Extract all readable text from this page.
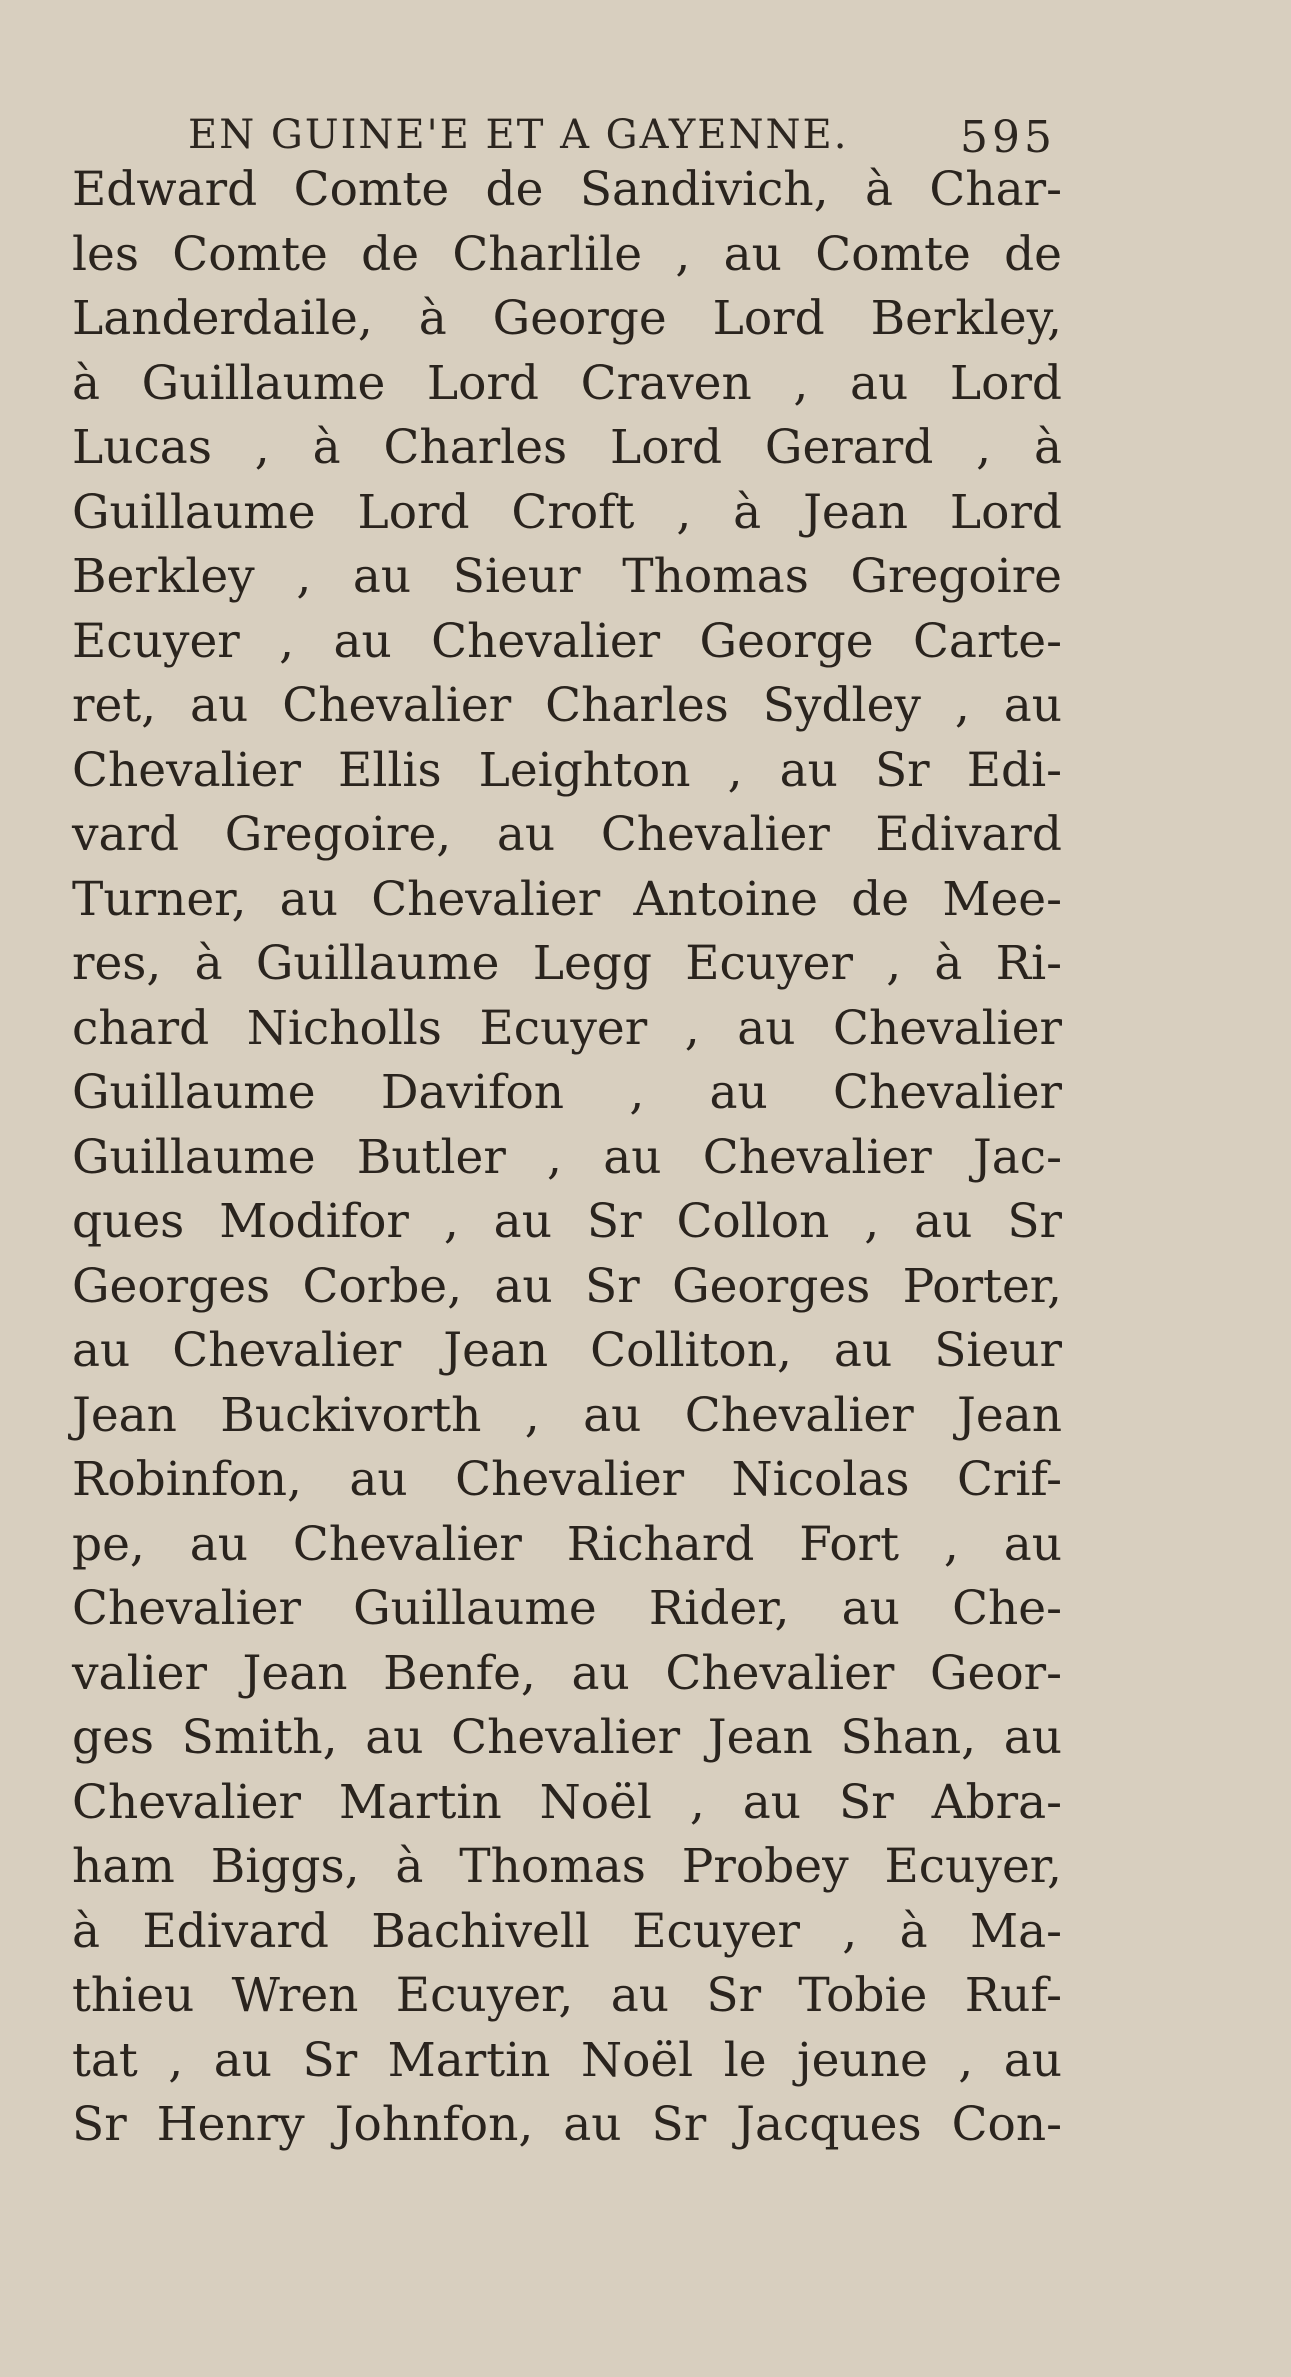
EN GUINE'E ET A GAYENNE.	595
Edward Comte de Sandivich, à Char-
les Comte de Charlile , au Comte de
Landerdaile, à George Lord Berkley,
à Guillaume Lord Craven , au Lord
Lucas , à Charles Lord Gerard , à
Guillaume Lord Croft , à Jean Lord
Berkley , au Sieur Thomas Gregoire
Ecuyer , au Chevalier George Carte-
ret, au Chevalier Charles Sydley , au
Chevalier Ellis Leighton , au Sr Edi-
vard Gregoire, au Chevalier Edivard
Turner, au Chevalier Antoine de Mee-
res, à Guillaume Legg Ecuyer , à Ri-
chard Nicholls Ecuyer , au Chevalier
Guillaume Davifon , au Chevalier
Guillaume Butler , au Chevalier Jac-
ques Modifor , au Sr Collon , au Sr
Georges Corbe, au Sr Georges Porter,
au Chevalier Jean Colliton, au Sieur
Jean Buckivorth , au Chevalier Jean
Robinfon, au Chevalier Nicolas Crif-
pe, au Chevalier Richard Fort , au
Chevalier Guillaume Rider, au Che-
valier Jean Benfe, au Chevalier Geor-
ges Smith, au Chevalier Jean Shan, au
Chevalier Martin Noël , au Sr Abra-
ham Biggs, à Thomas Probey Ecuyer,
à Edivard Bachivell Ecuyer , à Ma-
thieu Wren Ecuyer, au Sr Tobie Ruf-
tat , au Sr Martin Noël le jeune , au
Sr Henry Johnfon, au Sr Jacques Con-
